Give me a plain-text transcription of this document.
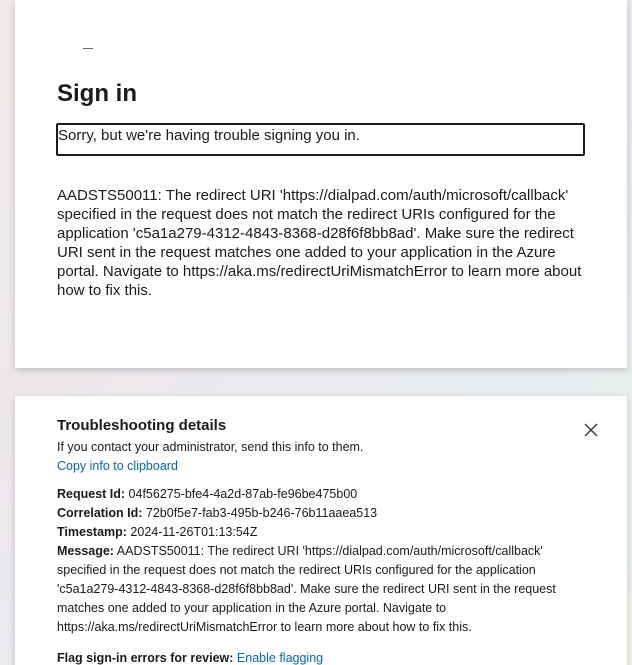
Sign in
Sorry, but we're having trouble signing you in.

AADSTS50011: The redirect URI 'https://dialpad.com/auth/microsoft/callback' specified in the request does not match the redirect URIs configured for the application 'c5a1a279-4312-4843-8368-d28f6f8bb8ad'. Make sure the redirect URI sent in the request matches one added to your application in the Azure portal. Navigate to https://aka.ms/redirectUriMismatchError to learn more about how to fix this.

Troubleshooting details
If you contact your administrator, send this info to them.
Copy info to clipboard
Request Id: 04f56275-bfe4-4a2d-87ab-fe96be475b00
Correlation Id: 72b0f5e7-fab3-495b-b246-76b11aaea513
Timestamp: 2024-11-26T01:13:54Z
Message: AADSTS50011: The redirect URI 'https://dialpad.com/auth/microsoft/callback' specified in the request does not match the redirect URIs configured for the application 'c5a1a279-4312-4843-8368-d28f6f8bb8ad'. Make sure the redirect URI sent in the request matches one added to your application in the Azure portal. Navigate to https://aka.ms/redirectUriMismatchError to learn more about how to fix this.
Flag sign-in errors for review: Enable flagging
